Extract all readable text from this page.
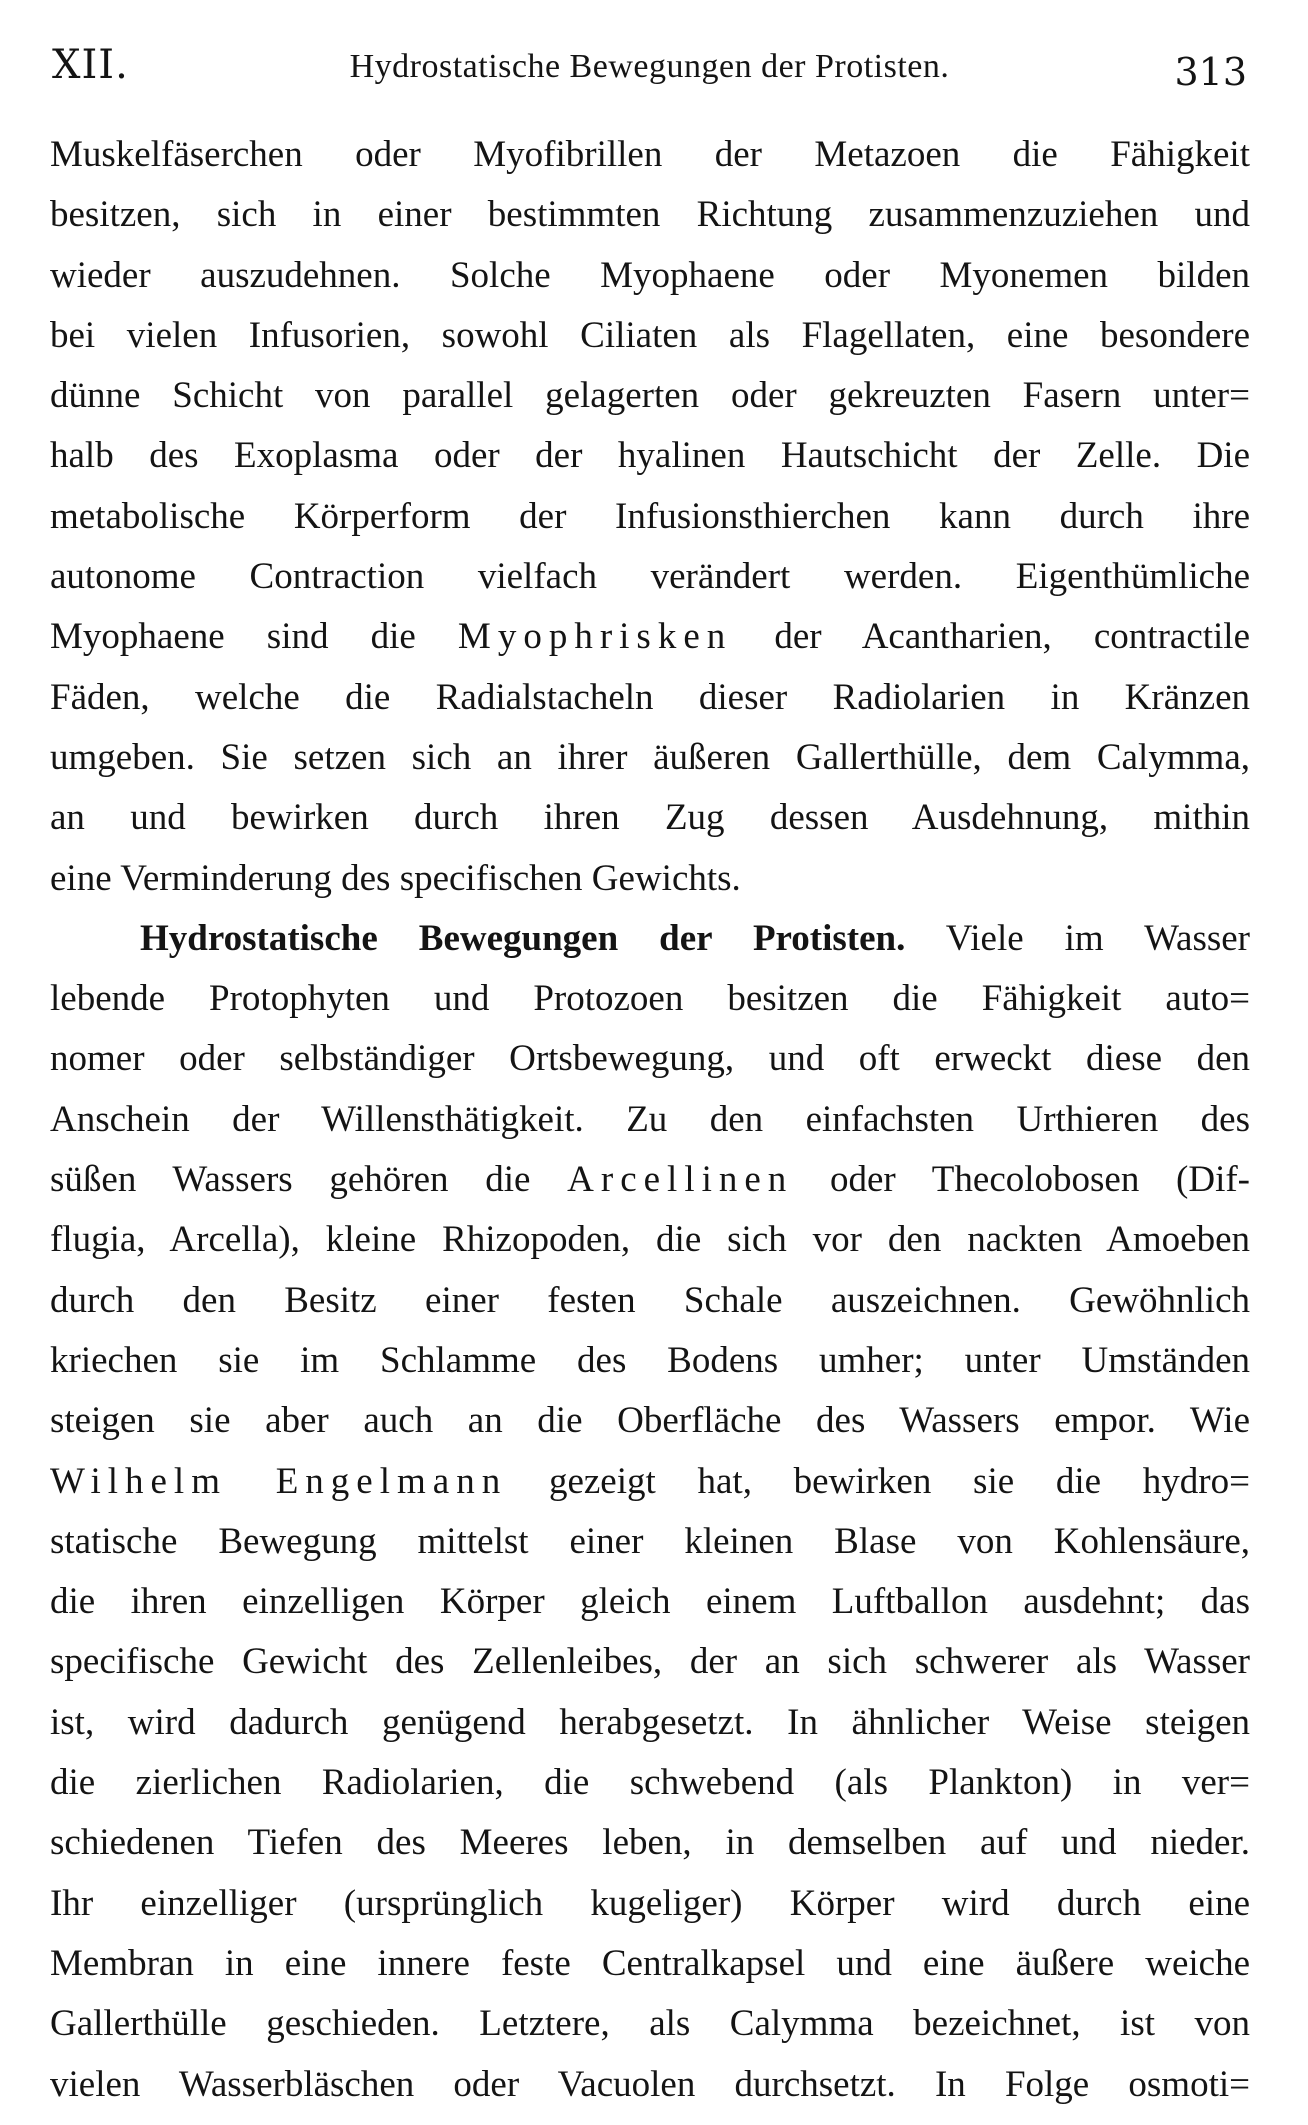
XII.	Hydrostatische Bewegungen der Protisten.	313
Muskelfäserchen oder Myofibrillen der Metazoen die Fähigkeit
besitzen, sich in einer bestimmten Richtung zusammenzuziehen und
wieder auszudehnen. Solche Myophaene oder Myonemen bilden
bei vielen Infusorien, sowohl Ciliaten als Flagellaten, eine besondere
dünne Schicht von parallel gelagerten oder gekreuzten Fasern unter=
halb des Exoplasma oder der hyalinen Hautschicht der Zelle. Die
metabolische Körperform der Infusionsthierchen kann durch ihre
autonome Contraction vielfach verändert werden. Eigenthümliche
Myophaene sind die Myophrisken der Acantharien, contractile
Fäden, welche die Radialstacheln dieser Radiolarien in Kränzen
umgeben. Sie setzen sich an ihrer äußeren Gallerthülle, dem Calymma,
an und bewirken durch ihren Zug dessen Ausdehnung, mithin
eine Verminderung des specifischen Gewichts.
Hydrostatische Bewegungen der Protisten. Viele im Wasser
lebende Protophyten und Protozoen besitzen die Fähigkeit auto=
nomer oder selbständiger Ortsbewegung, und oft erweckt diese den
Anschein der Willensthätigkeit. Zu den einfachsten Urthieren des
süßen Wassers gehören die Arcellinen oder Thecolobosen (Dif-
flugia, Arcella), kleine Rhizopoden, die sich vor den nackten Amoeben
durch den Besitz einer festen Schale auszeichnen. Gewöhnlich
kriechen sie im Schlamme des Bodens umher; unter Umständen
steigen sie aber auch an die Oberfläche des Wassers empor. Wie
Wilhelm Engelmann gezeigt hat, bewirken sie die hydro=
statische Bewegung mittelst einer kleinen Blase von Kohlensäure,
die ihren einzelligen Körper gleich einem Luftballon ausdehnt; das
specifische Gewicht des Zellenleibes, der an sich schwerer als Wasser
ist, wird dadurch genügend herabgesetzt. In ähnlicher Weise steigen
die zierlichen Radiolarien, die schwebend (als Plankton) in ver=
schiedenen Tiefen des Meeres leben, in demselben auf und nieder.
Ihr einzelliger (ursprünglich kugeliger) Körper wird durch eine
Membran in eine innere feste Centralkapsel und eine äußere weiche
Gallerthülle geschieden. Letztere, als Calymma bezeichnet, ist von
vielen Wasserbläschen oder Vacuolen durchsetzt. In Folge osmoti=
